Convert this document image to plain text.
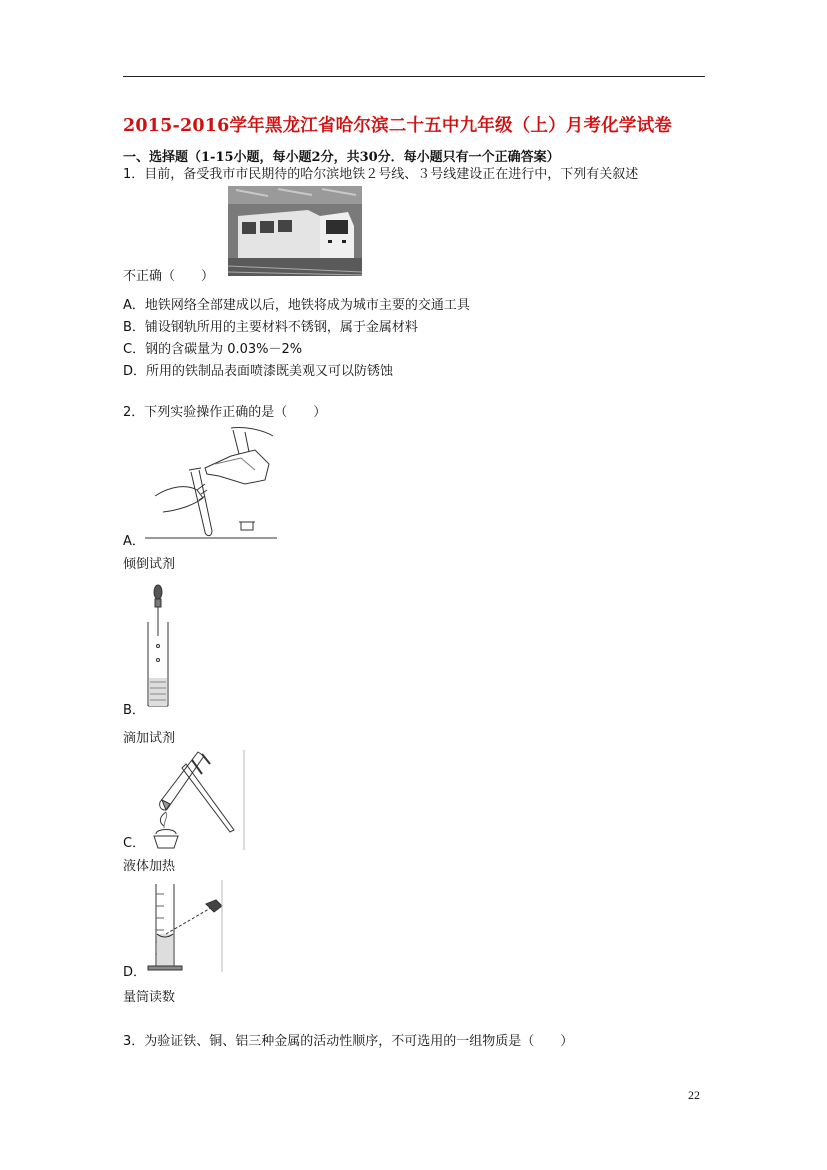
2015-2016学年黑龙江省哈尔滨二十五中九年级（上）月考化学试卷
一、选择题（1-15小题，每小题2分，共30分．每小题只有一个正确答案）
1．目前，备受我市市民期待的哈尔滨地铁２号线、３号线建设正在进行中，下列有关叙述
不正确（　　）
A．地铁网络全部建成以后，地铁将成为城市主要的交通工具
B．铺设钢轨所用的主要材料不锈钢，属于金属材料
C．钢的含碳量为 0.03%－2%
D．所用的铁制品表面喷漆既美观又可以防锈蚀
2．下列实验操作正确的是（　　）
A．
倾倒试剂
B．
滴加试剂
C．
液体加热
D．
量筒读数
3．为验证铁、铜、铝三种金属的活动性顺序，不可选用的一组物质是（　　）
22
